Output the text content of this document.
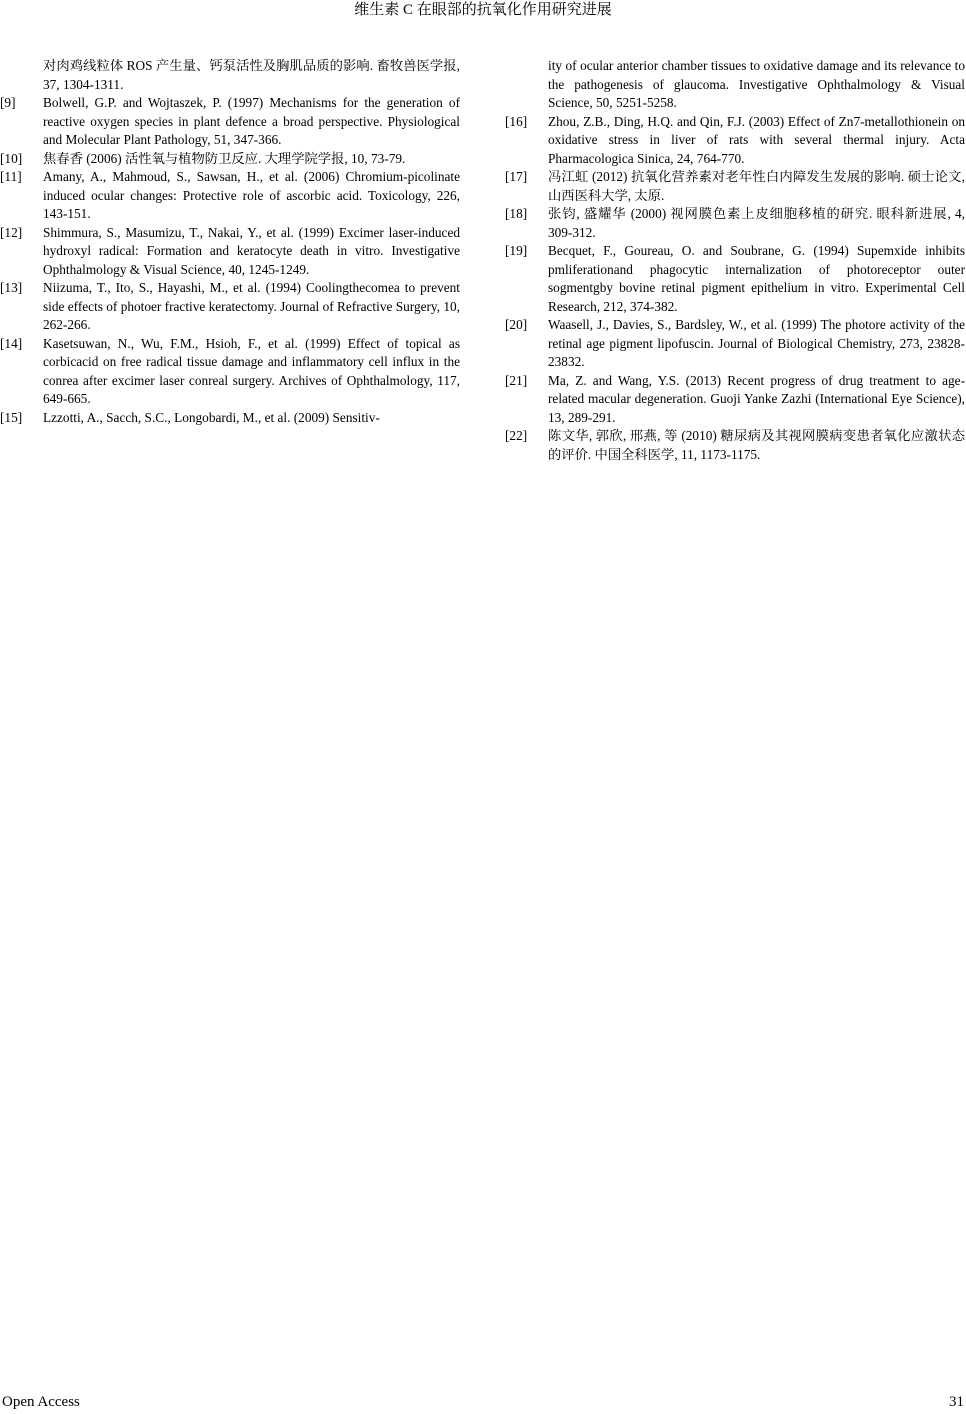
维生素 C 在眼部的抗氧化作用研究进展
对肉鸡线粒体 ROS 产生量、钙泵活性及胸肌品质的影响. 畜牧兽医学报, 37, 1304-1311.
[9] Bolwell, G.P. and Wojtaszek, P. (1997) Mechanisms for the generation of reactive oxygen species in plant defence a broad perspective. Physiological and Molecular Plant Pathology, 51, 347-366.
[10] 焦春香 (2006) 活性氧与植物防卫反应. 大理学院学报, 10, 73-79.
[11] Amany, A., Mahmoud, S., Sawsan, H., et al. (2006) Chromium-picolinate induced ocular changes: Protective role of ascorbic acid. Toxicology, 226, 143-151.
[12] Shimmura, S., Masumizu, T., Nakai, Y., et al. (1999) Excimer laser-induced hydroxyl radical: Formation and keratocyte death in vitro. Investigative Ophthalmology & Visual Science, 40, 1245-1249.
[13] Niizuma, T., Ito, S., Hayashi, M., et al. (1994) Coolingthecomea to prevent side effects of photoer fractive keratectomy. Journal of Refractive Surgery, 10, 262-266.
[14] Kasetsuwan, N., Wu, F.M., Hsioh, F., et al. (1999) Effect of topical as corbicacid on free radical tissue damage and inflammatory cell influx in the conrea after excimer laser conreal surgery. Archives of Ophthalmology, 117, 649-665.
[15] Lzzotti, A., Sacch, S.C., Longobardi, M., et al. (2009) Sensitiv-
ity of ocular anterior chamber tissues to oxidative damage and its relevance to the pathogenesis of glaucoma. Investigative Ophthalmology & Visual Science, 50, 5251-5258.
[16] Zhou, Z.B., Ding, H.Q. and Qin, F.J. (2003) Effect of Zn7-metallothionein on oxidative stress in liver of rats with several thermal injury. Acta Pharmacologica Sinica, 24, 764-770.
[17] 冯江虹 (2012) 抗氧化营养素对老年性白内障发生发展的影响. 硕士论文, 山西医科大学, 太原.
[18] 张钧, 盛耀华 (2000) 视网膜色素上皮细胞移植的研究. 眼科新进展, 4, 309-312.
[19] Becquet, F., Goureau, O. and Soubrane, G. (1994) Supemxide inhibits pmliferationand phagocytic internalization of photoreceptor outer sogmentgby bovine retinal pigment epithelium in vitro. Experimental Cell Research, 212, 374-382.
[20] Waasell, J., Davies, S., Bardsley, W., et al. (1999) The photore activity of the retinal age pigment lipofuscin. Journal of Biological Chemistry, 273, 23828-23832.
[21] Ma, Z. and Wang, Y.S. (2013) Recent progress of drug treatment to age-related macular degeneration. Guoji Yanke Zazhi (International Eye Science), 13, 289-291.
[22] 陈文华, 郭欣, 邢燕, 等 (2010) 糖尿病及其视网膜病变患者氧化应激状态的评价. 中国全科医学, 11, 1173-1175.
Open Access	31
